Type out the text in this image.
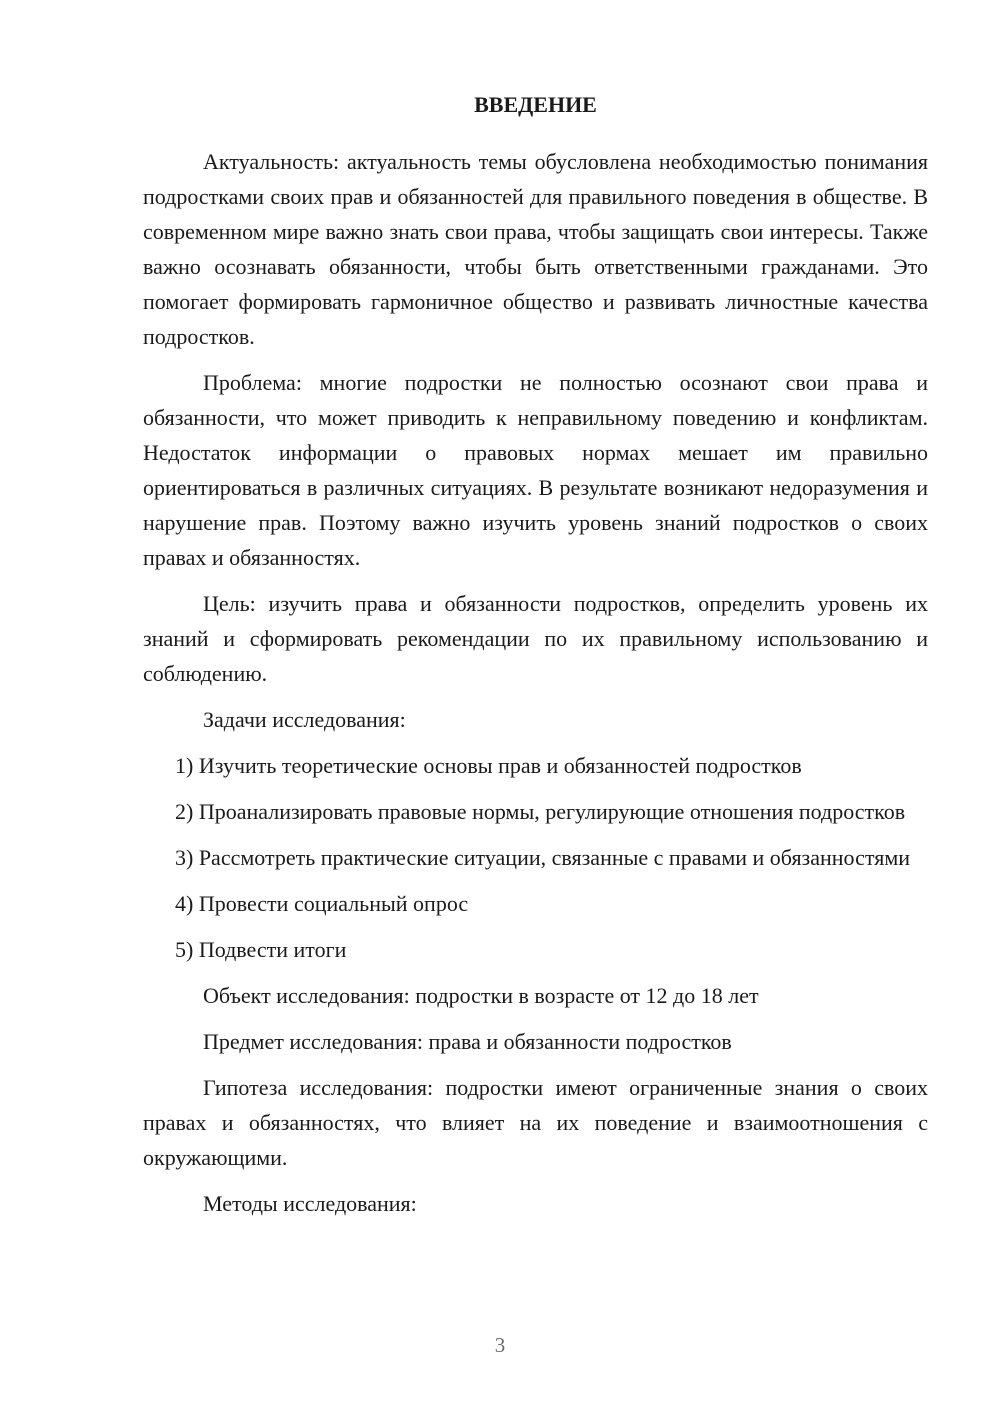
ВВЕДЕНИЕ

Актуальность: актуальность темы обусловлена необходимостью понимания подростками своих прав и обязанностей для правильного поведения в обществе. В современном мире важно знать свои права, чтобы защищать свои интересы. Также важно осознавать обязанности, чтобы быть ответственными гражданами. Это помогает формировать гармоничное общество и развивать личностные качества подростков.

Проблема: многие подростки не полностью осознают свои права и обязанности, что может приводить к неправильному поведению и конфликтам. Недостаток информации о правовых нормах мешает им правильно ориентироваться в различных ситуациях. В результате возникают недоразумения и нарушение прав. Поэтому важно изучить уровень знаний подростков о своих правах и обязанностях.

Цель: изучить права и обязанности подростков, определить уровень их знаний и сформировать рекомендации по их правильному использованию и соблюдению.

Задачи исследования:

1) Изучить теоретические основы прав и обязанностей подростков

2) Проанализировать правовые нормы, регулирующие отношения подростков

3) Рассмотреть практические ситуации, связанные с правами и обязанностями

4) Провести социальный опрос

5) Подвести итоги

Объект исследования: подростки в возрасте от 12 до 18 лет

Предмет исследования: права и обязанности подростков

Гипотеза исследования: подростки имеют ограниченные знания о своих правах и обязанностях, что влияет на их поведение и взаимоотношения с окружающими.

Методы исследования:

3
